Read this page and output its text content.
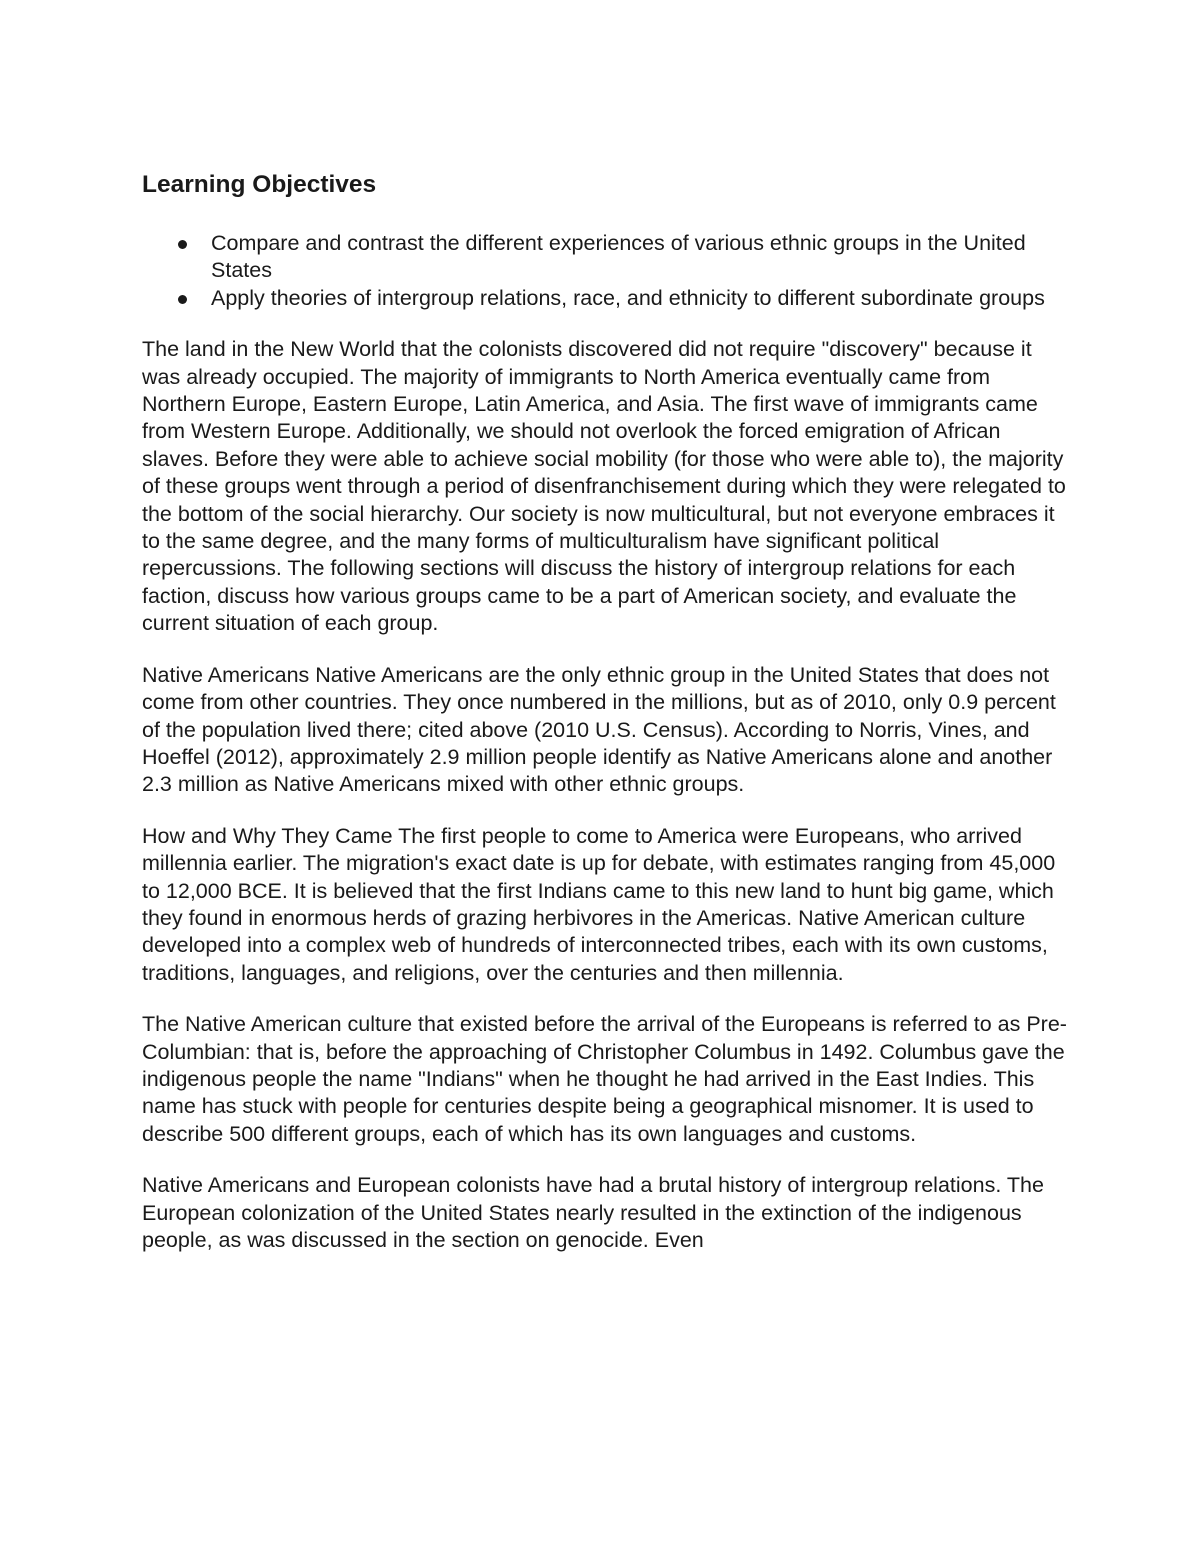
Learning Objectives
Compare and contrast the different experiences of various ethnic groups in the United States
Apply theories of intergroup relations, race, and ethnicity to different subordinate groups

The land in the New World that the colonists discovered did not require "discovery" because it was already occupied. The majority of immigrants to North America eventually came from Northern Europe, Eastern Europe, Latin America, and Asia. The first wave of immigrants came from Western Europe. Additionally, we should not overlook the forced emigration of African slaves. Before they were able to achieve social mobility (for those who were able to), the majority of these groups went through a period of disenfranchisement during which they were relegated to the bottom of the social hierarchy. Our society is now multicultural, but not everyone embraces it to the same degree, and the many forms of multiculturalism have significant political repercussions. The following sections will discuss the history of intergroup relations for each faction, discuss how various groups came to be a part of American society, and evaluate the current situation of each group.

Native Americans Native Americans are the only ethnic group in the United States that does not come from other countries. They once numbered in the millions, but as of 2010, only 0.9 percent of the population lived there; cited above (2010 U.S. Census). According to Norris, Vines, and Hoeffel (2012), approximately 2.9 million people identify as Native Americans alone and another 2.3 million as Native Americans mixed with other ethnic groups.

How and Why They Came The first people to come to America were Europeans, who arrived millennia earlier. The migration's exact date is up for debate, with estimates ranging from 45,000 to 12,000 BCE. It is believed that the first Indians came to this new land to hunt big game, which they found in enormous herds of grazing herbivores in the Americas. Native American culture developed into a complex web of hundreds of interconnected tribes, each with its own customs, traditions, languages, and religions, over the centuries and then millennia.

The Native American culture that existed before the arrival of the Europeans is referred to as Pre-Columbian: that is, before the approaching of Christopher Columbus in 1492. Columbus gave the indigenous people the name "Indians" when he thought he had arrived in the East Indies. This name has stuck with people for centuries despite being a geographical misnomer. It is used to describe 500 different groups, each of which has its own languages and customs.

Native Americans and European colonists have had a brutal history of intergroup relations. The European colonization of the United States nearly resulted in the extinction of the indigenous people, as was discussed in the section on genocide. Even
